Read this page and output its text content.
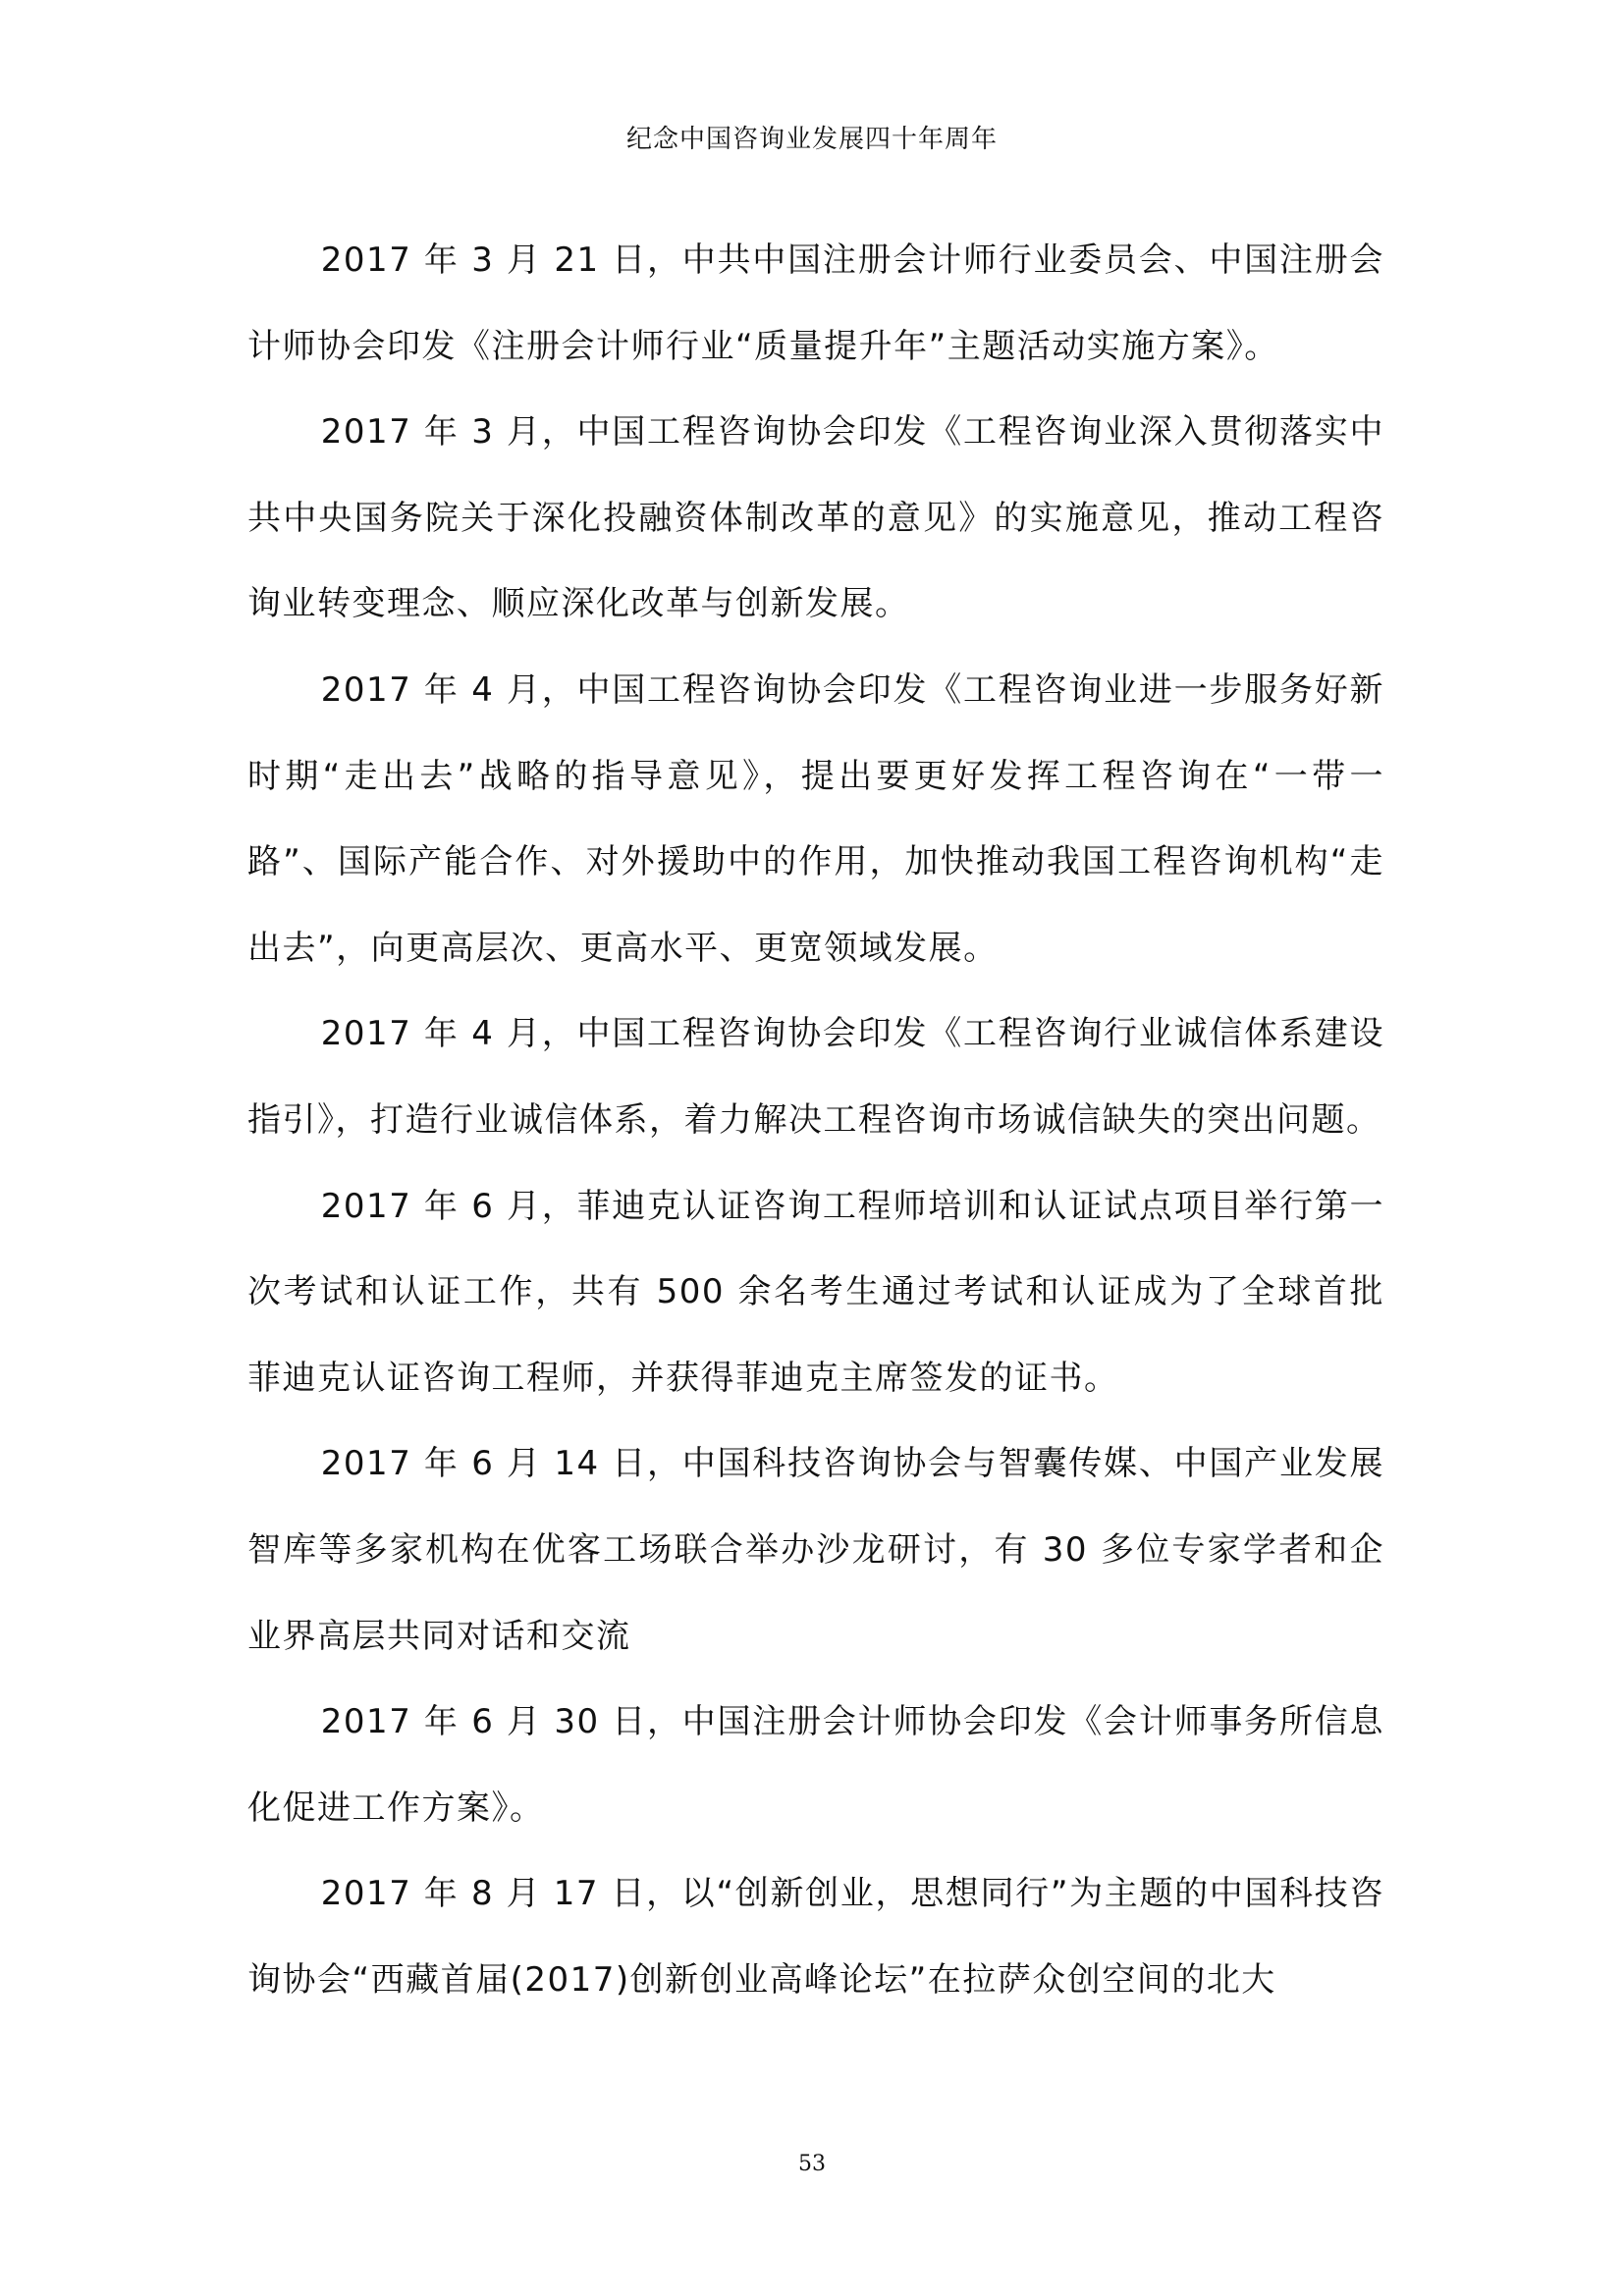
纪念中国咨询业发展四十年周年

2017 年 3 月 21 日，中共中国注册会计师行业委员会、中国注册会计师协会印发《注册会计师行业“质量提升年”主题活动实施方案》。

2017 年 3 月，中国工程咨询协会印发《工程咨询业深入贯彻落实中共中央国务院关于深化投融资体制改革的意见》的实施意见，推动工程咨询业转变理念、顺应深化改革与创新发展。

2017 年 4 月，中国工程咨询协会印发《工程咨询业进一步服务好新时期“走出去”战略的指导意见》，提出要更好发挥工程咨询在“一带一路”、国际产能合作、对外援助中的作用，加快推动我国工程咨询机构“走出去”，向更高层次、更高水平、更宽领域发展。

2017 年 4 月，中国工程咨询协会印发《工程咨询行业诚信体系建设指引》，打造行业诚信体系，着力解决工程咨询市场诚信缺失的突出问题。

2017 年 6 月，菲迪克认证咨询工程师培训和认证试点项目举行第一次考试和认证工作，共有 500 余名考生通过考试和认证成为了全球首批菲迪克认证咨询工程师，并获得菲迪克主席签发的证书。

2017 年 6 月 14 日，中国科技咨询协会与智囊传媒、中国产业发展智库等多家机构在优客工场联合举办沙龙研讨，有 30 多位专家学者和企业界高层共同对话和交流

2017 年 6 月 30 日，中国注册会计师协会印发《会计师事务所信息化促进工作方案》。

2017 年 8 月 17 日，以“创新创业，思想同行”为主题的中国科技咨询协会“西藏首届(2017)创新创业高峰论坛”在拉萨众创空间的北大

53
